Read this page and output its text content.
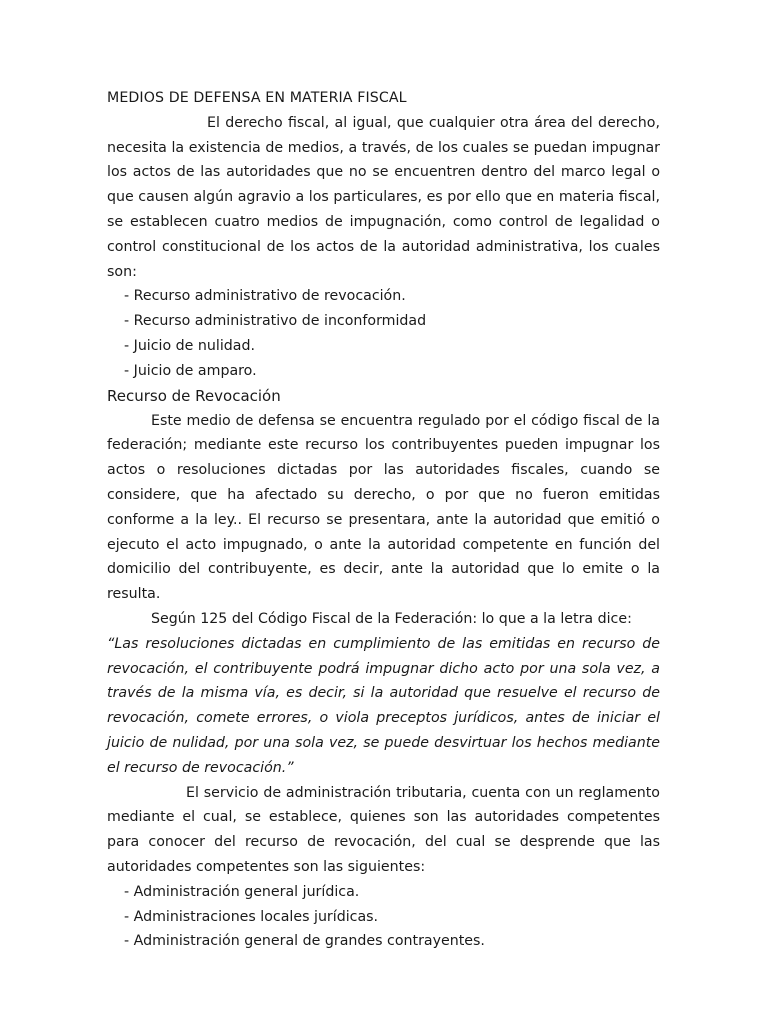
MEDIOS DE DEFENSA EN MATERIA FISCAL

El derecho fiscal, al igual, que cualquier otra área del derecho, necesita la existencia de medios, a través, de los cuales se puedan impugnar los actos de las autoridades que no se encuentren dentro del marco legal o que causen algún agravio a los particulares, es por ello que en materia fiscal, se establecen cuatro medios de impugnación, como control de legalidad o control constitucional de los actos de la autoridad administrativa, los cuales son:

- Recurso administrativo de revocación.
- Recurso administrativo de inconformidad
- Juicio de nulidad.
- Juicio de amparo.
Recurso de Revocación

Este medio de defensa se encuentra regulado por el código fiscal de la federación; mediante este recurso los contribuyentes pueden impugnar los actos o resoluciones dictadas por las autoridades fiscales, cuando se considere, que ha afectado su derecho, o por que no fueron emitidas conforme a la ley.. El recurso se presentara, ante la autoridad que emitió o ejecuto el acto impugnado, o ante la autoridad competente en función del domicilio del contribuyente, es decir, ante la autoridad que lo emite o la resulta.

Según 125 del Código Fiscal de la Federación: lo que a la letra dice:

“Las resoluciones dictadas en cumplimiento de las emitidas en recurso de revocación, el contribuyente podrá impugnar dicho acto por una sola vez, a través de la misma vía, es decir, si la autoridad que resuelve el recurso de revocación, comete errores, o viola preceptos jurídicos, antes de iniciar el juicio de nulidad, por una sola vez, se puede desvirtuar los hechos mediante el recurso de revocación.”

El servicio de administración tributaria, cuenta con un reglamento mediante el cual, se establece, quienes son las autoridades competentes para conocer del recurso de revocación, del cual se desprende que las autoridades competentes son las siguientes:

- Administración general jurídica.
- Administraciones locales jurídicas.
- Administración general de grandes contrayentes.
